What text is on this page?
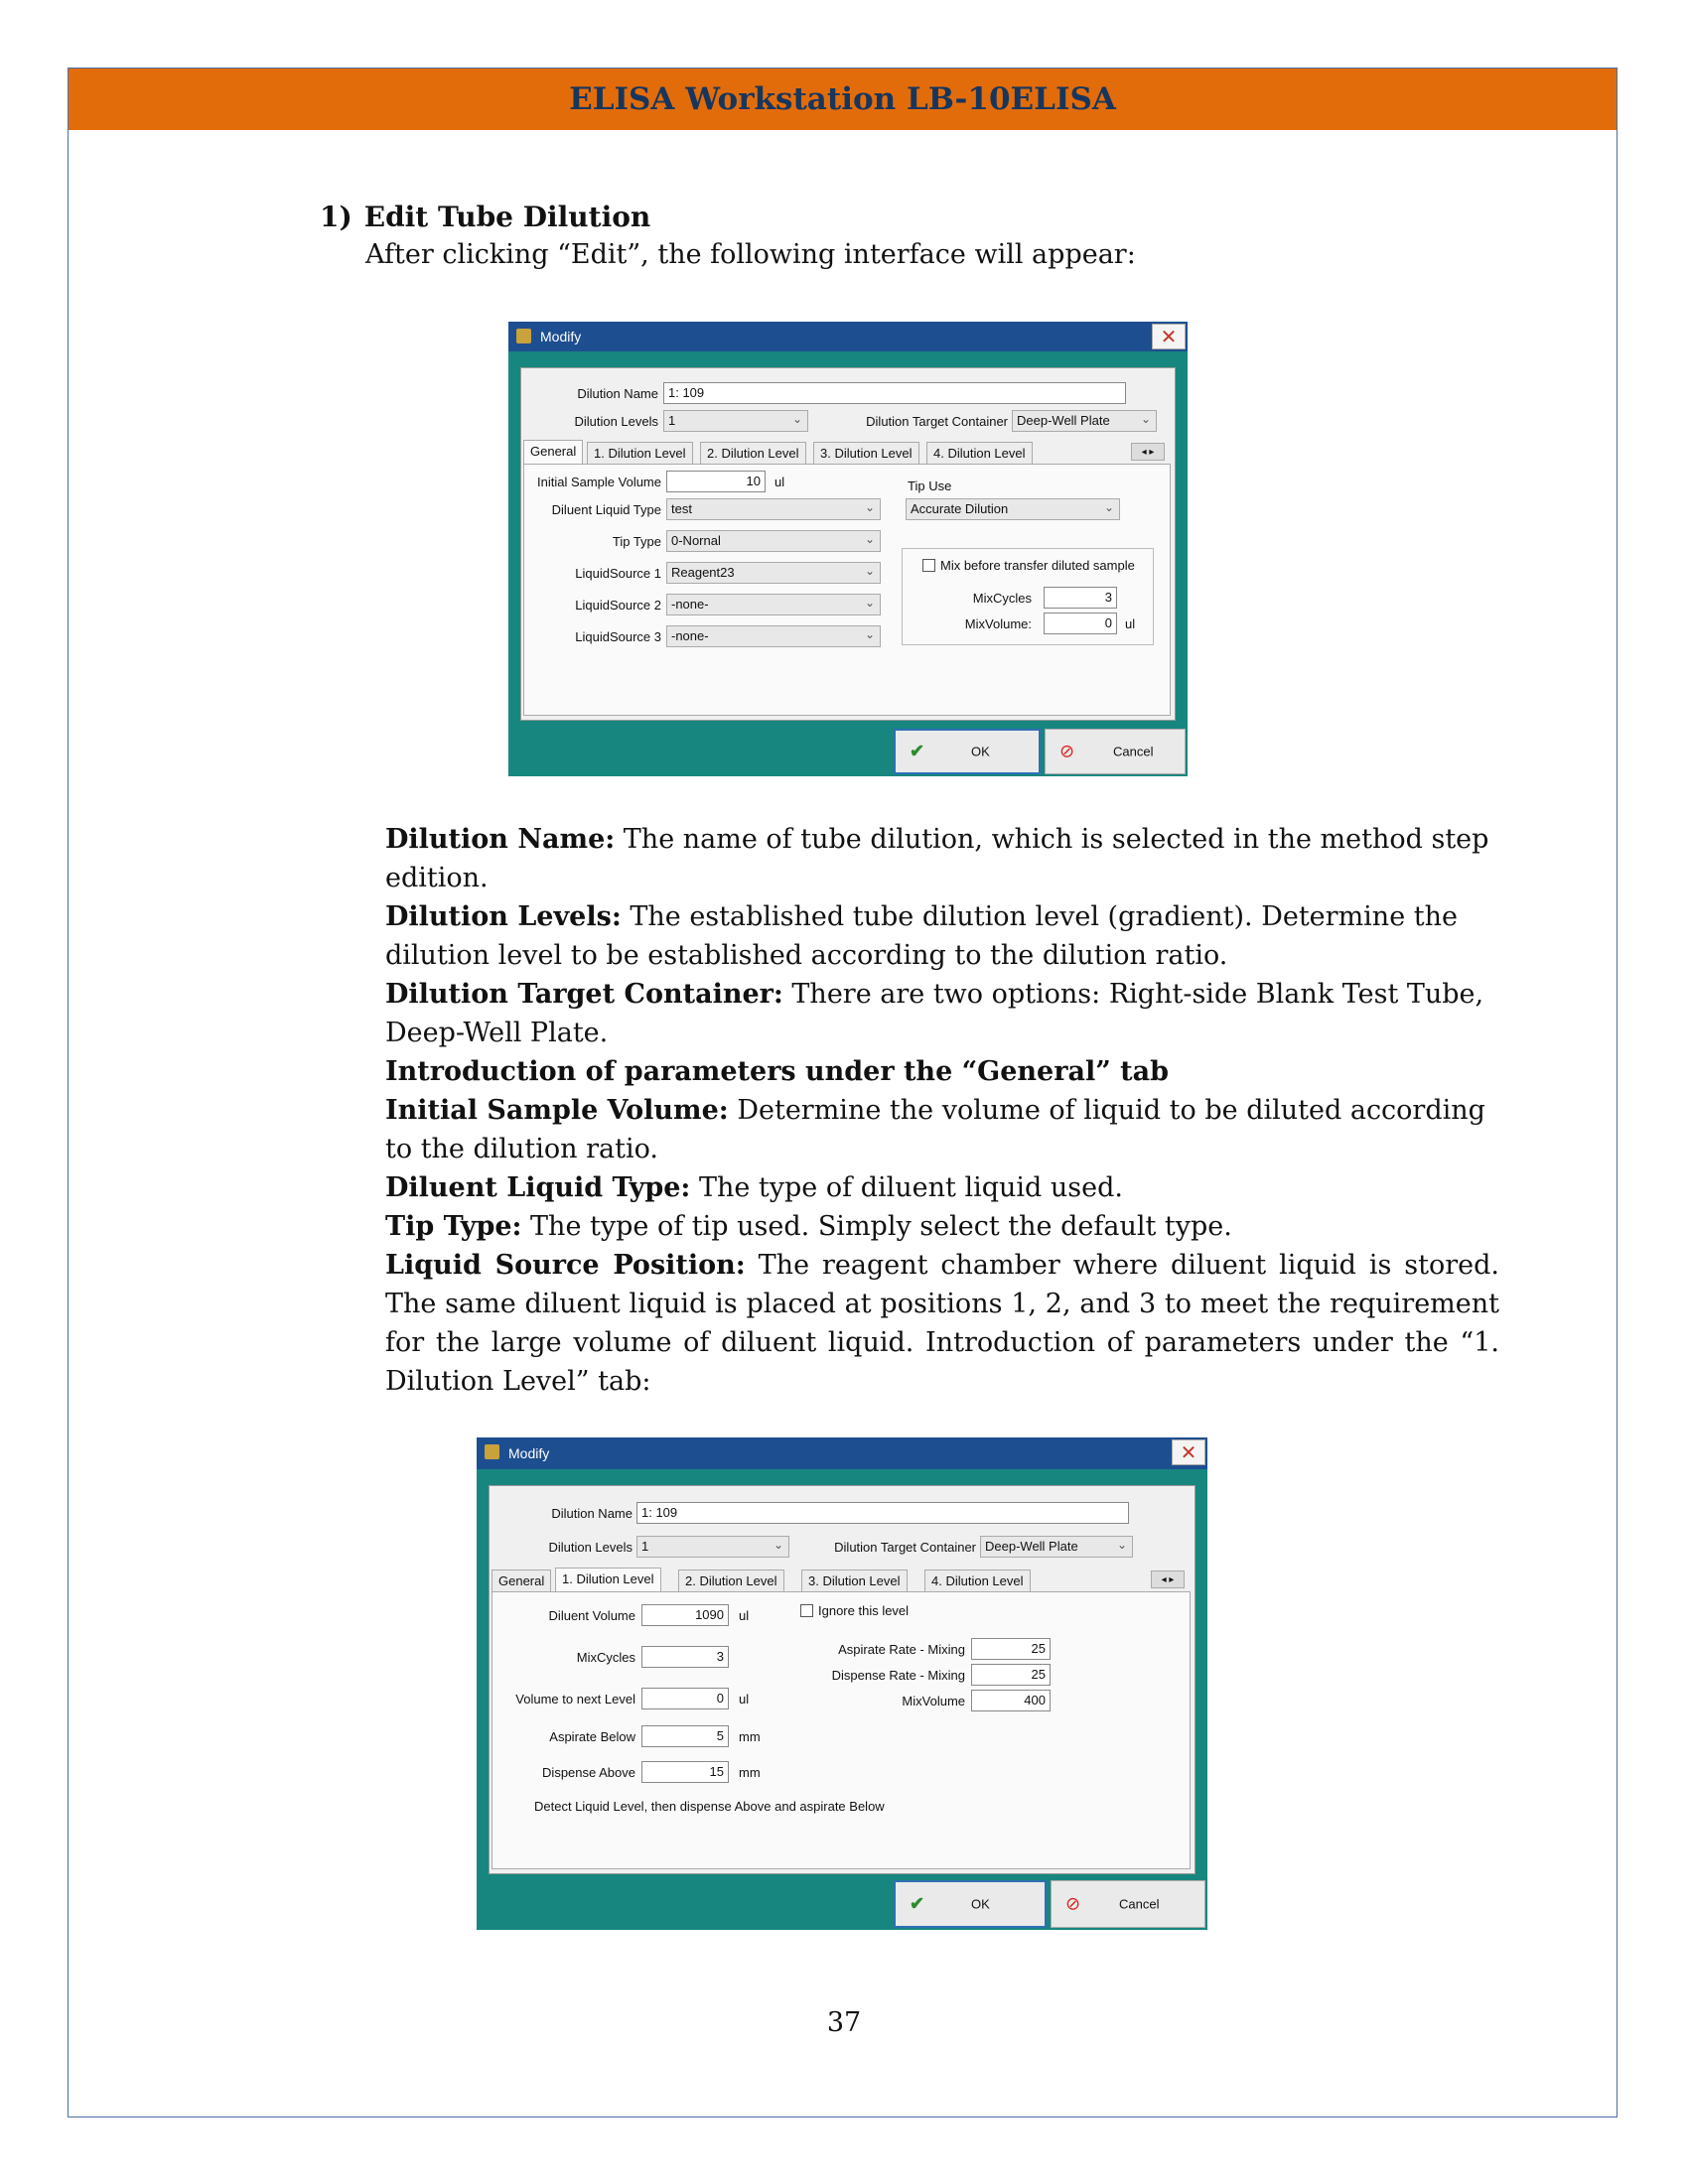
ELISA Workstation LB-10ELISA
1) Edit Tube Dilution
After clicking “Edit”, the following interface will appear:
Modify	✕
Dilution Name 1: 109
Dilution Levels 1	⌄	Dilution Target Container Deep-Well Plate	⌄
General	1. Dilution Level	2. Dilution Level	3. Dilution Level	4. Dilution Level	◂ ▸
Initial Sample Volume	10	ul	Tip Use
Accurate Dilution	⌄
Diluent Liquid Type test	⌄
Tip Type 0-Nornal	⌄
LiquidSource 1 Reagent23	⌄
LiquidSource 2 -none-	⌄
LiquidSource 3 -none-	⌄
Mix before transfer diluted sample
MixCycles	3
MixVolume:	0	ul
✔	OK	⊘	Cancel

Dilution Name: The name of tube dilution, which is selected in the method step edition.

Dilution Levels: The established tube dilution level (gradient). Determine the dilution level to be established according to the dilution ratio.

Dilution Target Container: There are two options: Right-side Blank Test Tube, Deep-Well Plate.

Introduction of parameters under the “General” tab

Initial Sample Volume: Determine the volume of liquid to be diluted according to the dilution ratio.

Diluent Liquid Type: The type of diluent liquid used.

Tip Type: The type of tip used. Simply select the default type.

Liquid Source Position: The reagent chamber where diluent liquid is stored. The same diluent liquid is placed at positions 1, 2, and 3 to meet the requirement for the large volume of diluent liquid. Introduction of parameters under the “1. Dilution Level” tab:

Modify	✕
Dilution Name 1: 109
Dilution Levels 1	⌄	Dilution Target Container Deep-Well Plate	⌄
General	1. Dilution Level	2. Dilution Level	3. Dilution Level	4. Dilution Level	◂ ▸
Diluent Volume	1090	ul	Ignore this level
MixCycles	3	Aspirate Rate - Mixing	25
Dispense Rate - Mixing	25
MixVolume	400
Volume to next Level	0	ul
Aspirate Below	5	mm
Dispense Above	15	mm
Detect Liquid Level, then dispense Above and aspirate Below
✔	OK	⊘	Cancel
37
